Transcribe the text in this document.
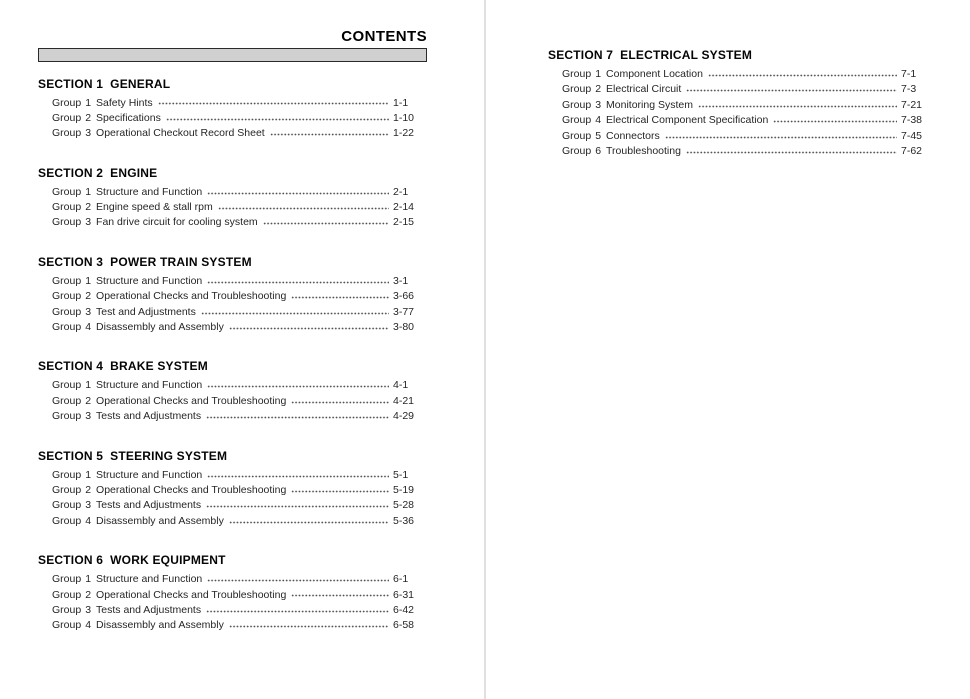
CONTENTS
SECTION 1 GENERAL
Group 1 Safety Hints	1-1
Group 2 Specifications	1-10
Group 3 Operational Checkout Record Sheet	1-22
SECTION 2 ENGINE
Group 1 Structure and Function	2-1
Group 2 Engine speed & stall rpm	2-14
Group 3 Fan drive circuit for cooling system	2-15
SECTION 3 POWER TRAIN SYSTEM
Group 1 Structure and Function	3-1
Group 2 Operational Checks and Troubleshooting	3-66
Group 3 Test and Adjustments	3-77
Group 4 Disassembly and Assembly	3-80
SECTION 4 BRAKE SYSTEM
Group 1 Structure and Function	4-1
Group 2 Operational Checks and Troubleshooting	4-21
Group 3 Tests and Adjustments	4-29
SECTION 5 STEERING SYSTEM
Group 1 Structure and Function	5-1
Group 2 Operational Checks and Troubleshooting	5-19
Group 3 Tests and Adjustments	5-28
Group 4 Disassembly and Assembly	5-36
SECTION 6 WORK EQUIPMENT
Group 1 Structure and Function	6-1
Group 2 Operational Checks and Troubleshooting	6-31
Group 3 Tests and Adjustments	6-42
Group 4 Disassembly and Assembly	6-58
SECTION 7 ELECTRICAL SYSTEM
Group 1 Component Location	7-1
Group 2 Electrical Circuit	7-3
Group 3 Monitoring System	7-21
Group 4 Electrical Component Specification	7-38
Group 5 Connectors	7-45
Group 6 Troubleshooting	7-62
